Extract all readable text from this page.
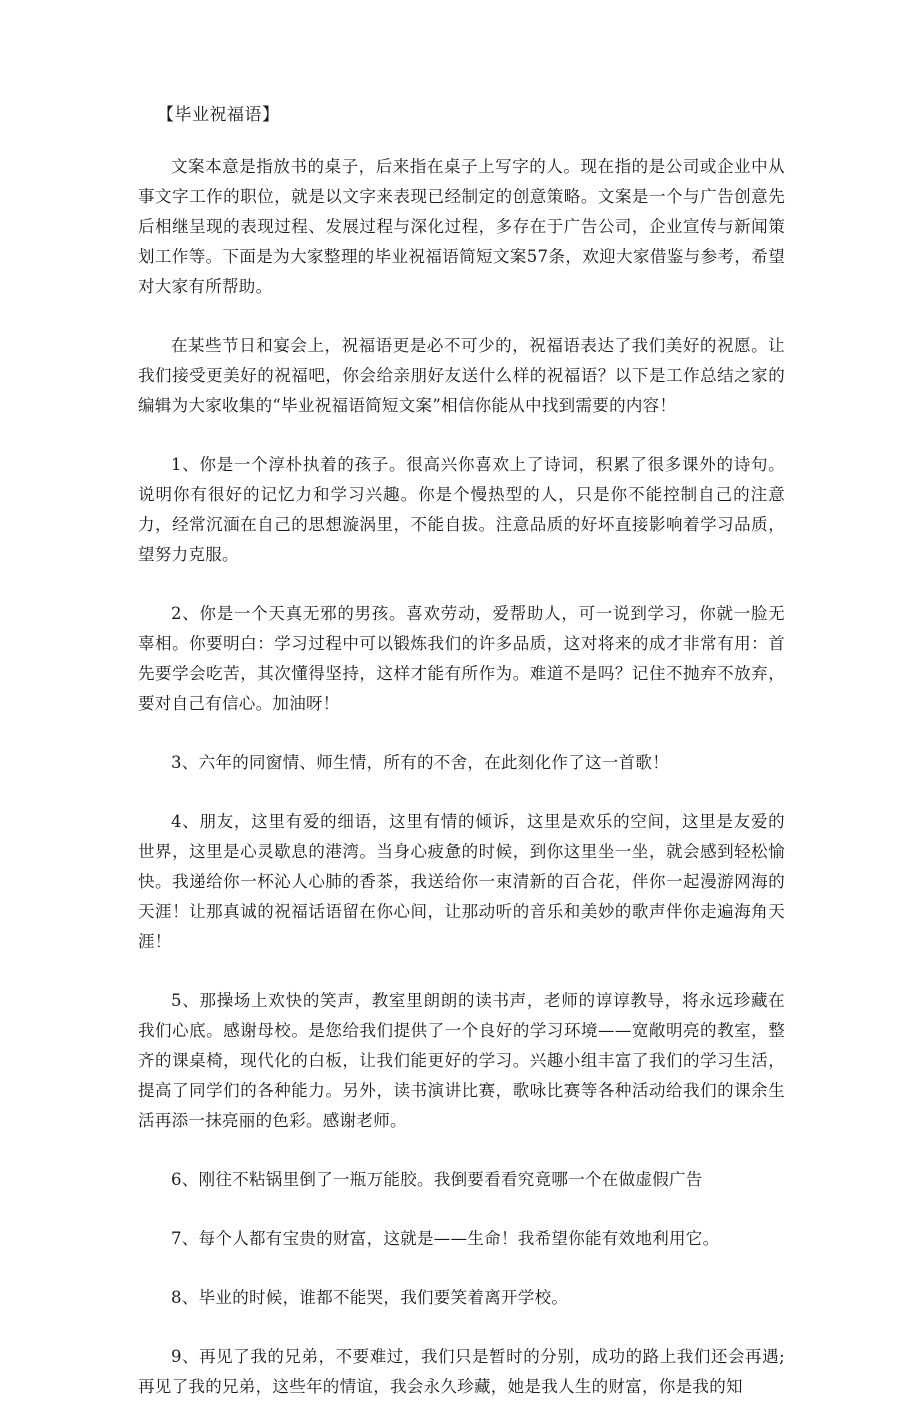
【毕业祝福语】

文案本意是指放书的桌子，后来指在桌子上写字的人。现在指的是公司或企业中从事文字工作的职位，就是以文字来表现已经制定的创意策略。文案是一个与广告创意先后相继呈现的表现过程、发展过程与深化过程，多存在于广告公司，企业宣传与新闻策划工作等。下面是为大家整理的毕业祝福语简短文案57条，欢迎大家借鉴与参考，希望对大家有所帮助。

在某些节日和宴会上，祝福语更是必不可少的，祝福语表达了我们美好的祝愿。让我们接受更美好的祝福吧，你会给亲朋好友送什么样的祝福语？以下是工作总结之家的编辑为大家收集的“毕业祝福语简短文案”相信你能从中找到需要的内容！

1、你是一个淳朴执着的孩子。很高兴你喜欢上了诗词，积累了很多课外的诗句。说明你有很好的记忆力和学习兴趣。你是个慢热型的人，只是你不能控制自己的注意力，经常沉湎在自己的思想漩涡里，不能自拔。注意品质的好坏直接影响着学习品质，望努力克服。

2、你是一个天真无邪的男孩。喜欢劳动，爱帮助人，可一说到学习，你就一脸无辜相。你要明白：学习过程中可以锻炼我们的许多品质，这对将来的成才非常有用：首先要学会吃苦，其次懂得坚持，这样才能有所作为。难道不是吗？记住不抛弃不放弃，要对自己有信心。加油呀！

3、六年的同窗情、师生情，所有的不舍，在此刻化作了这一首歌！

4、朋友，这里有爱的细语，这里有情的倾诉，这里是欢乐的空间，这里是友爱的世界，这里是心灵歇息的港湾。当身心疲惫的时候，到你这里坐一坐，就会感到轻松愉快。我递给你一杯沁人心肺的香茶，我送给你一束清新的百合花，伴你一起漫游网海的天涯！让那真诚的祝福话语留在你心间，让那动听的音乐和美妙的歌声伴你走遍海角天涯！

5、那操场上欢快的笑声，教室里朗朗的读书声，老师的谆谆教导，将永远珍藏在我们心底。感谢母校。是您给我们提供了一个良好的学习环境——宽敞明亮的教室，整齐的课桌椅，现代化的白板，让我们能更好的学习。兴趣小组丰富了我们的学习生活，提高了同学们的各种能力。另外，读书演讲比赛，歌咏比赛等各种活动给我们的课余生活再添一抹亮丽的色彩。感谢老师。

6、刚往不粘锅里倒了一瓶万能胶。我倒要看看究竟哪一个在做虚假广告

7、每个人都有宝贵的财富，这就是——生命！我希望你能有效地利用它。

8、毕业的时候，谁都不能哭，我们要笑着离开学校。

9、再见了我的兄弟，不要难过，我们只是暂时的分别，成功的路上我们还会再遇;再见了我的兄弟，这些年的情谊，我会永久珍藏，她是我人生的财富，你是我的知
